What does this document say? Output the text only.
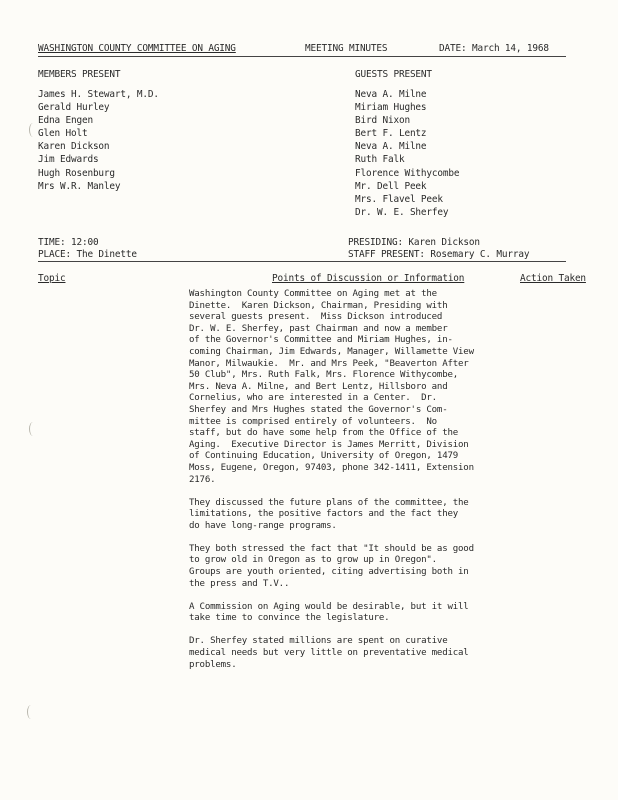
WASHINGTON COUNTY COMMITTEE ON AGING	MEETING MINUTES	DATE: March 14, 1968
MEMBERS PRESENT
James H. Stewart, M.D.
Gerald Hurley
Edna Engen
Glen Holt
Karen Dickson
Jim Edwards
Hugh Rosenburg
Mrs W.R. Manley
GUESTS PRESENT
Neva A. Milne
Miriam Hughes
Bird Nixon
Bert F. Lentz
Neva A. Milne
Ruth Falk
Florence Withycombe
Mr. Dell Peek
Mrs. Flavel Peek
Dr. W. E. Sherfey
TIME: 12:00
PLACE: The Dinette
PRESIDING: Karen Dickson
STAFF PRESENT: Rosemary C. Murray
Topic	Points of Discussion or Information	Action Taken

Washington County Committee on Aging met at the
Dinette.  Karen Dickson, Chairman, Presiding with
several guests present.  Miss Dickson introduced
Dr. W. E. Sherfey, past Chairman and now a member
of the Governor's Committee and Miriam Hughes, in-
coming Chairman, Jim Edwards, Manager, Willamette View
Manor, Milwaukie.  Mr. and Mrs Peek, "Beaverton After
50 Club", Mrs. Ruth Falk, Mrs. Florence Withycombe,
Mrs. Neva A. Milne, and Bert Lentz, Hillsboro and
Cornelius, who are interested in a Center.  Dr.
Sherfey and Mrs Hughes stated the Governor's Com-
mittee is comprised entirely of volunteers.  No
staff, but do have some help from the Office of the
Aging.  Executive Director is James Merritt, Division
of Continuing Education, University of Oregon, 1479
Moss, Eugene, Oregon, 97403, phone 342-1411, Extension
2176.

They discussed the future plans of the committee, the
limitations, the positive factors and the fact they
do have long-range programs.

They both stressed the fact that "It should be as good
to grow old in Oregon as to grow up in Oregon".
Groups are youth oriented, citing advertising both in
the press and T.V..

A Commission on Aging would be desirable, but it will
take time to convince the legislature.

Dr. Sherfey stated millions are spent on curative
medical needs but very little on preventative medical
problems.
